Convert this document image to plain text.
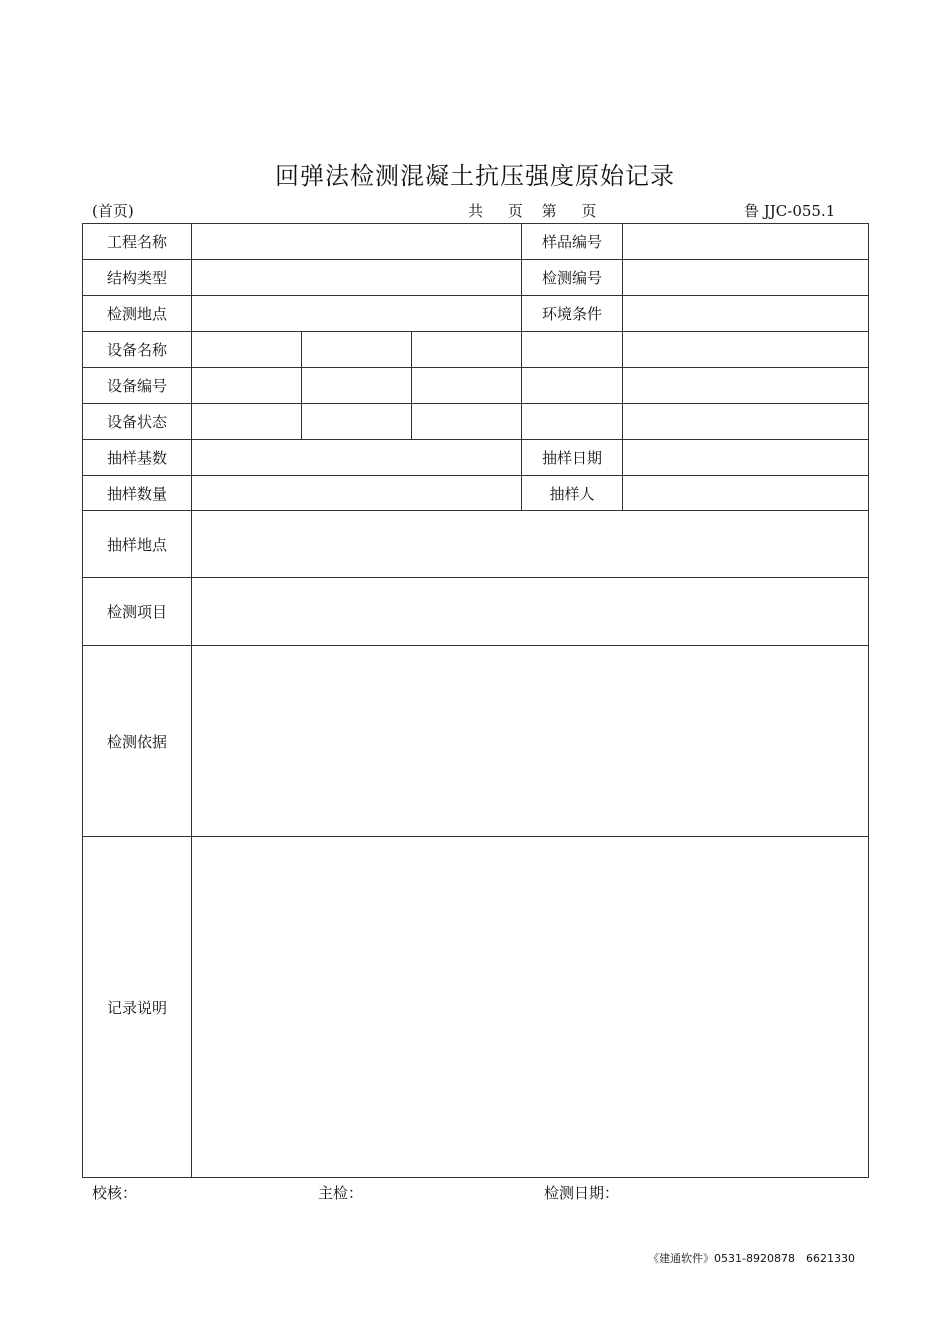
回弹法检测混凝土抗压强度原始记录
(首页)	共 页 第 页	鲁 JJC-055.1
工程名称				样品编号	
结构类型				检测编号	
检测地点				环境条件	
设备名称					
设备编号					
设备状态					
抽样基数				抽样日期	
抽样数量				抽样人	
抽样地点					
检测项目					
检测依据					
记录说明					
校核：	主检：	检测日期：
《建通软件》0531-8920878　6621330
